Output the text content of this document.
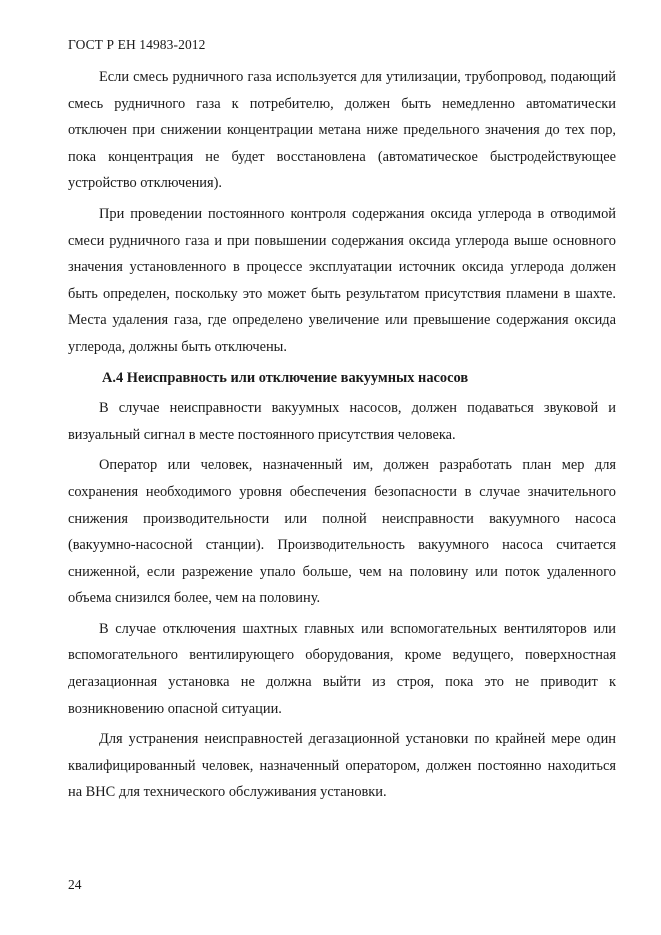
ГОСТ Р ЕН 14983-2012

Если смесь рудничного газа используется для утилизации, трубопровод, подающий смесь рудничного газа к потребителю, должен быть немедленно автоматически отключен при снижении концентрации метана ниже предельного значения до тех пор, пока концентрация не будет восстановлена (автоматическое быстродействующее устройство отключения).

При проведении постоянного контроля содержания оксида углерода в отводимой смеси рудничного газа и при повышении содержания оксида углерода выше основного значения установленного в процессе эксплуатации источник оксида углерода должен быть определен, поскольку это может быть результатом присутствия пламени в шахте. Места удаления газа, где определено увеличение или превышение содержания оксида углерода, должны быть отключены.

А.4 Неисправность или отключение вакуумных насосов

В случае неисправности вакуумных насосов, должен подаваться звуковой и визуальный сигнал в месте постоянного присутствия человека.

Оператор или человек, назначенный им, должен разработать план мер для сохранения необходимого уровня обеспечения безопасности в случае значительного снижения производительности или полной неисправности вакуумного насоса (вакуумно-насосной станции). Производительность вакуумного насоса считается сниженной, если разрежение упало больше, чем на половину или поток удаленного объема снизился более, чем на половину.

В случае отключения шахтных главных или вспомогательных вентиляторов или вспомогательного вентилирующего оборудования, кроме ведущего, поверхностная дегазационная установка не должна выйти из строя, пока это не приводит к возникновению опасной ситуации.

Для устранения неисправностей дегазационной установки по крайней мере один квалифицированный человек, назначенный оператором, должен постоянно находиться на ВНС для технического обслуживания установки.

24
